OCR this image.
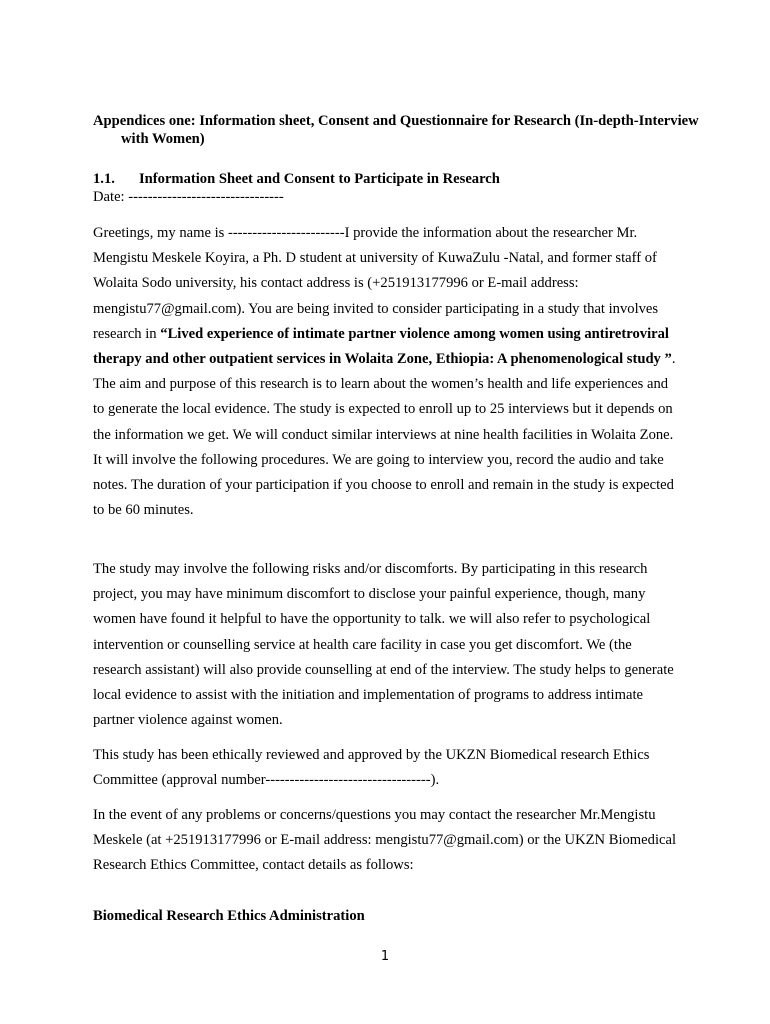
Appendices one: Information sheet, Consent and Questionnaire for Research (In-depth-Interview with Women)

1.1. Information Sheet and Consent to Participate in Research

Date: --------------------------------

Greetings, my name is ------------------------I provide the information about the researcher Mr. Mengistu Meskele Koyira, a Ph. D student at university of KuwaZulu -Natal, and former staff of Wolaita Sodo university, his contact address is (+251913177996 or E-mail address: mengistu77@gmail.com). You are being invited to consider participating in a study that involves research in “Lived experience of intimate partner violence among women using antiretroviral therapy and other outpatient services in Wolaita Zone, Ethiopia: A phenomenological study ”. The aim and purpose of this research is to learn about the women’s health and life experiences and to generate the local evidence. The study is expected to enroll up to 25 interviews but it depends on the information we get. We will conduct similar interviews at nine health facilities in Wolaita Zone. It will involve the following procedures. We are going to interview you, record the audio and take notes. The duration of your participation if you choose to enroll and remain in the study is expected to be 60 minutes.

The study may involve the following risks and/or discomforts. By participating in this research project, you may have minimum discomfort to disclose your painful experience, though, many women have found it helpful to have the opportunity to talk. we will also refer to psychological intervention or counselling service at health care facility in case you get discomfort. We (the research assistant) will also provide counselling at end of the interview. The study helps to generate local evidence to assist with the initiation and implementation of programs to address intimate partner violence against women.

This study has been ethically reviewed and approved by the UKZN Biomedical research Ethics Committee (approval number----------------------------------).

In the event of any problems or concerns/questions you may contact the researcher Mr.Mengistu Meskele (at +251913177996 or E-mail address: mengistu77@gmail.com) or the UKZN Biomedical Research Ethics Committee, contact details as follows:

Biomedical Research Ethics Administration

1
